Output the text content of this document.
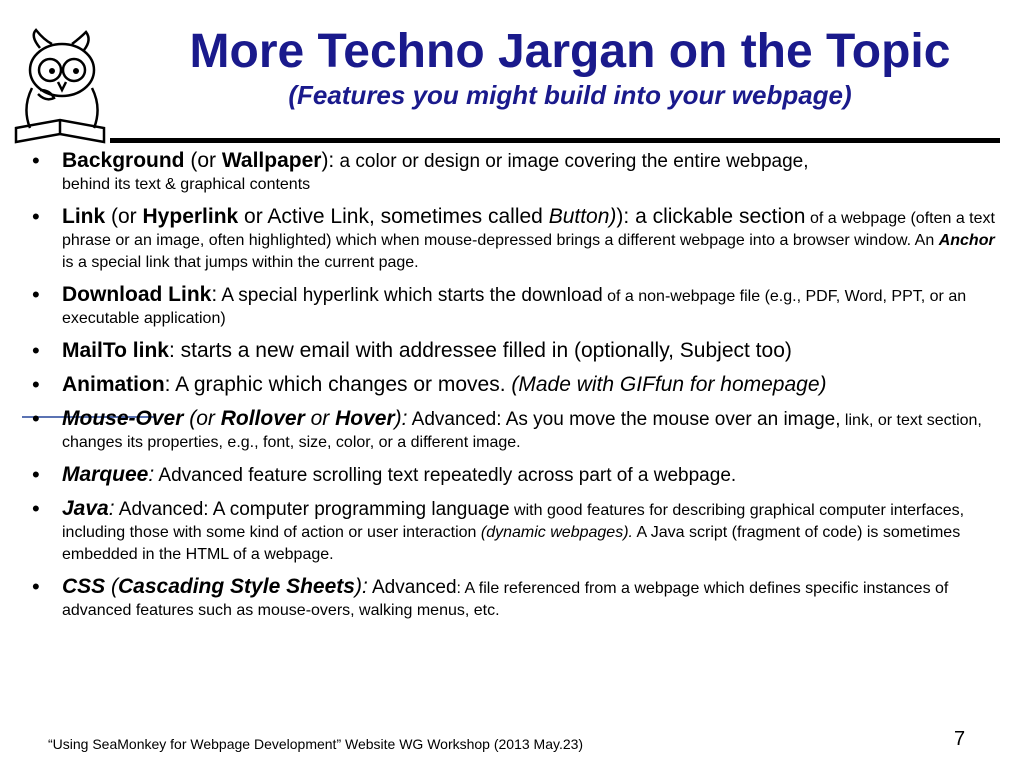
More Techno Jargan on the Topic
(Features you might build into your webpage)
• Background (or Wallpaper): a color or design or image covering the entire webpage,
behind its text & graphical contents
• Link (or Hyperlink or Active Link, sometimes called Button)): a clickable section of a webpage (often a text phrase or an image, often highlighted) which when mouse-depressed brings a different webpage into a browser window. An Anchor is a special link that jumps within the current page.
• Download Link: A special hyperlink which starts the download of a non-webpage file (e.g., PDF, Word, PPT, or an executable application)
• MailTo link: starts a new email with addressee filled in (optionally, Subject too)
• Animation: A graphic which changes or moves. (Made with GIFfun for homepage)
• Mouse-Over (or Rollover or Hover): Advanced: As you move the mouse over an image, link, or text section, changes its properties, e.g., font, size, color, or a different image.
• Marquee: Advanced feature scrolling text repeatedly across part of a webpage.
• Java: Advanced: A computer programming language with good features for describing graphical computer interfaces, including those with some kind of action or user interaction (dynamic webpages). A Java script (fragment of code) is sometimes embedded in the HTML of a webpage.
• CSS (Cascading Style Sheets): Advanced: A file referenced from a webpage which defines specific instances of advanced features such as mouse-overs, walking menus, etc.
“Using SeaMonkey for Webpage Development” Website WG Workshop (2013 May.23)	7
